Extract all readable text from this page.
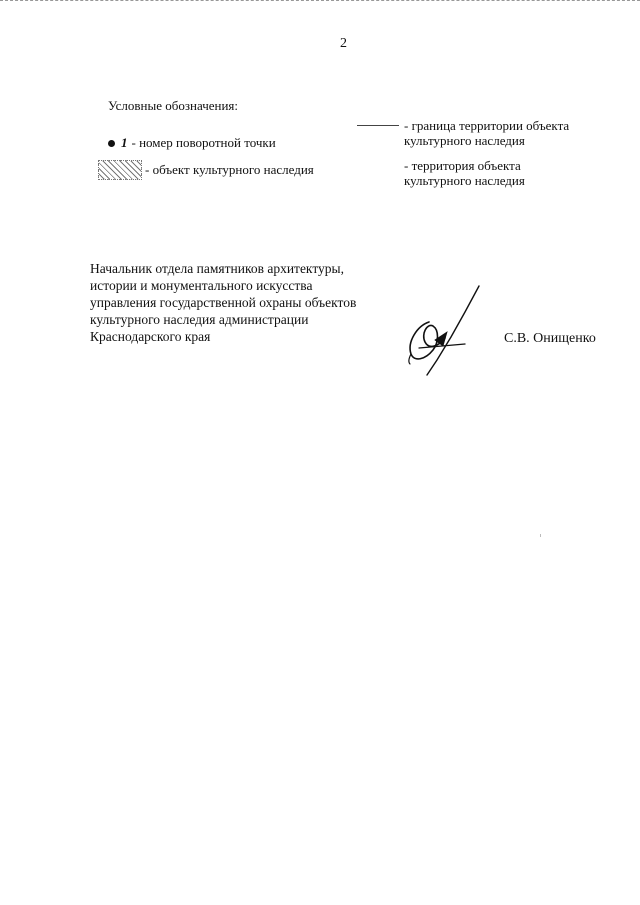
2
Условные обозначения:
1 - номер поворотной точки
- объект культурного наследия
- граница территории объекта
культурного наследия
- территория объекта
культурного наследия
Начальник отдела памятников архитектуры,
истории и монументального искусства
управления государственной охраны объектов
культурного наследия администрации
Краснодарского края	С.В. Онищенко
